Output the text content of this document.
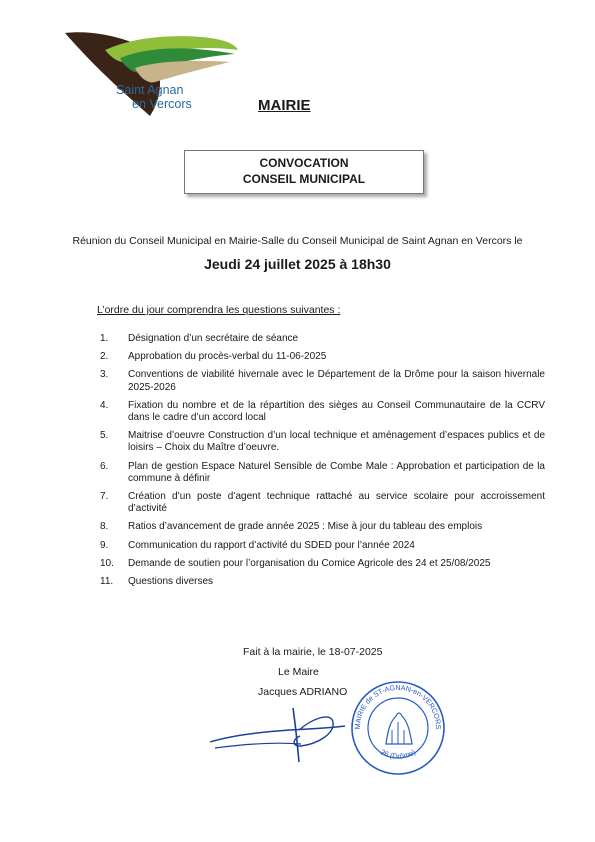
Saint Agnan
en Vercors	MAIRIE
CONVOCATION
CONSEIL MUNICIPAL
Réunion du Conseil Municipal en Mairie-Salle du Conseil Municipal de Saint Agnan en Vercors le
Jeudi 24 juillet 2025 à 18h30
L’ordre du jour comprendra les questions suivantes :
1. Désignation d’un secrétaire de séance
2. Approbation du procès-verbal du 11-06-2025
3. Conventions de viabilité hivernale avec le Département de la Drôme pour la saison hivernale 2025-2026
4. Fixation du nombre et de la répartition des sièges au Conseil Communautaire de la CCRV dans le cadre d’un accord local
5. Maitrise d’oeuvre Construction d’un local technique et aménagement d’espaces publics et de loisirs – Choix du Maître d’oeuvre.
6. Plan de gestion Espace Naturel Sensible de Combe Male : Approbation et participation de la commune à définir
7. Création d’un poste d’agent technique rattaché au service scolaire pour accroissement d’activité
8. Ratios d’avancement de grade année 2025 : Mise à jour du tableau des emplois
9. Communication du rapport d’activité du SDED pour l’année 2024
10. Demande de soutien pour l’organisation du Comice Agricole des 24 et 25/08/2025
11. Questions diverses
Fait à la mairie, le 18-07-2025
Le Maire
Jacques ADRIANO
MAIRIE de ST-AGNAN-en-VERCORS
26 (Drôme)
